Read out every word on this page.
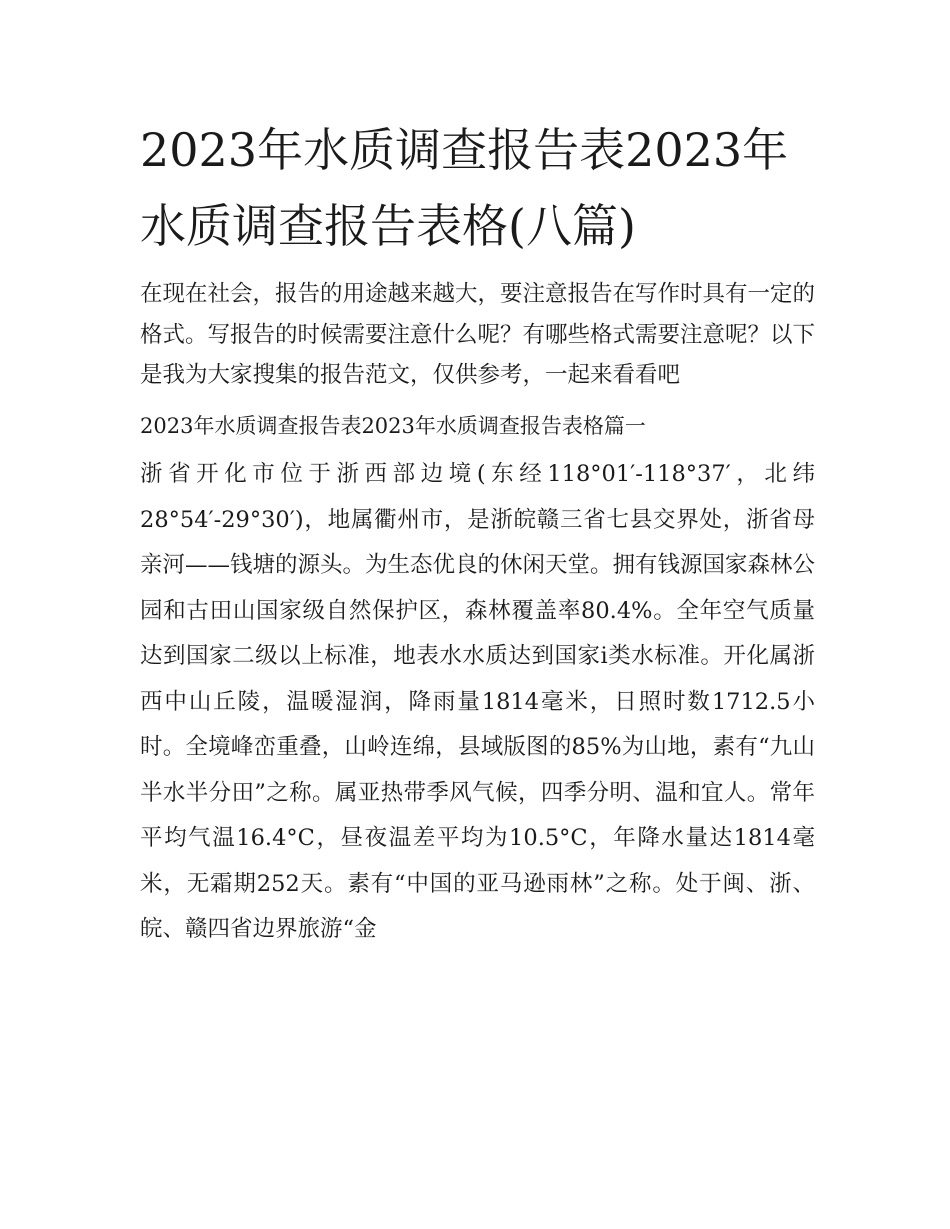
2023年水质调查报告表2023年水质调查报告表格(八篇)

在现在社会，报告的用途越来越大，要注意报告在写作时具有一定的格式。写报告的时候需要注意什么呢？有哪些格式需要注意呢？以下是我为大家搜集的报告范文，仅供参考，一起来看看吧

2023年水质调查报告表2023年水质调查报告表格篇一

浙省开化市位于浙西部边境(东经118°01′-118°37′，北纬28°54′-29°30′)，地属衢州市，是浙皖赣三省七县交界处，浙省母亲河——钱塘的源头。为生态优良的休闲天堂。拥有钱源国家森林公园和古田山国家级自然保护区，森林覆盖率80.4%。全年空气质量达到国家二级以上标准，地表水水质达到国家ⅰ类水标准。开化属浙西中山丘陵，温暖湿润，降雨量1814毫米，日照时数1712.5小时。全境峰峦重叠，山岭连绵，县域版图的85%为山地，素有“九山半水半分田”之称。属亚热带季风气候，四季分明、温和宜人。常年平均气温16.4°C，昼夜温差平均为10.5°C，年降水量达1814毫米，无霜期252天。素有“中国的亚马逊雨林”之称。处于闽、浙、皖、赣四省边界旅游“金
